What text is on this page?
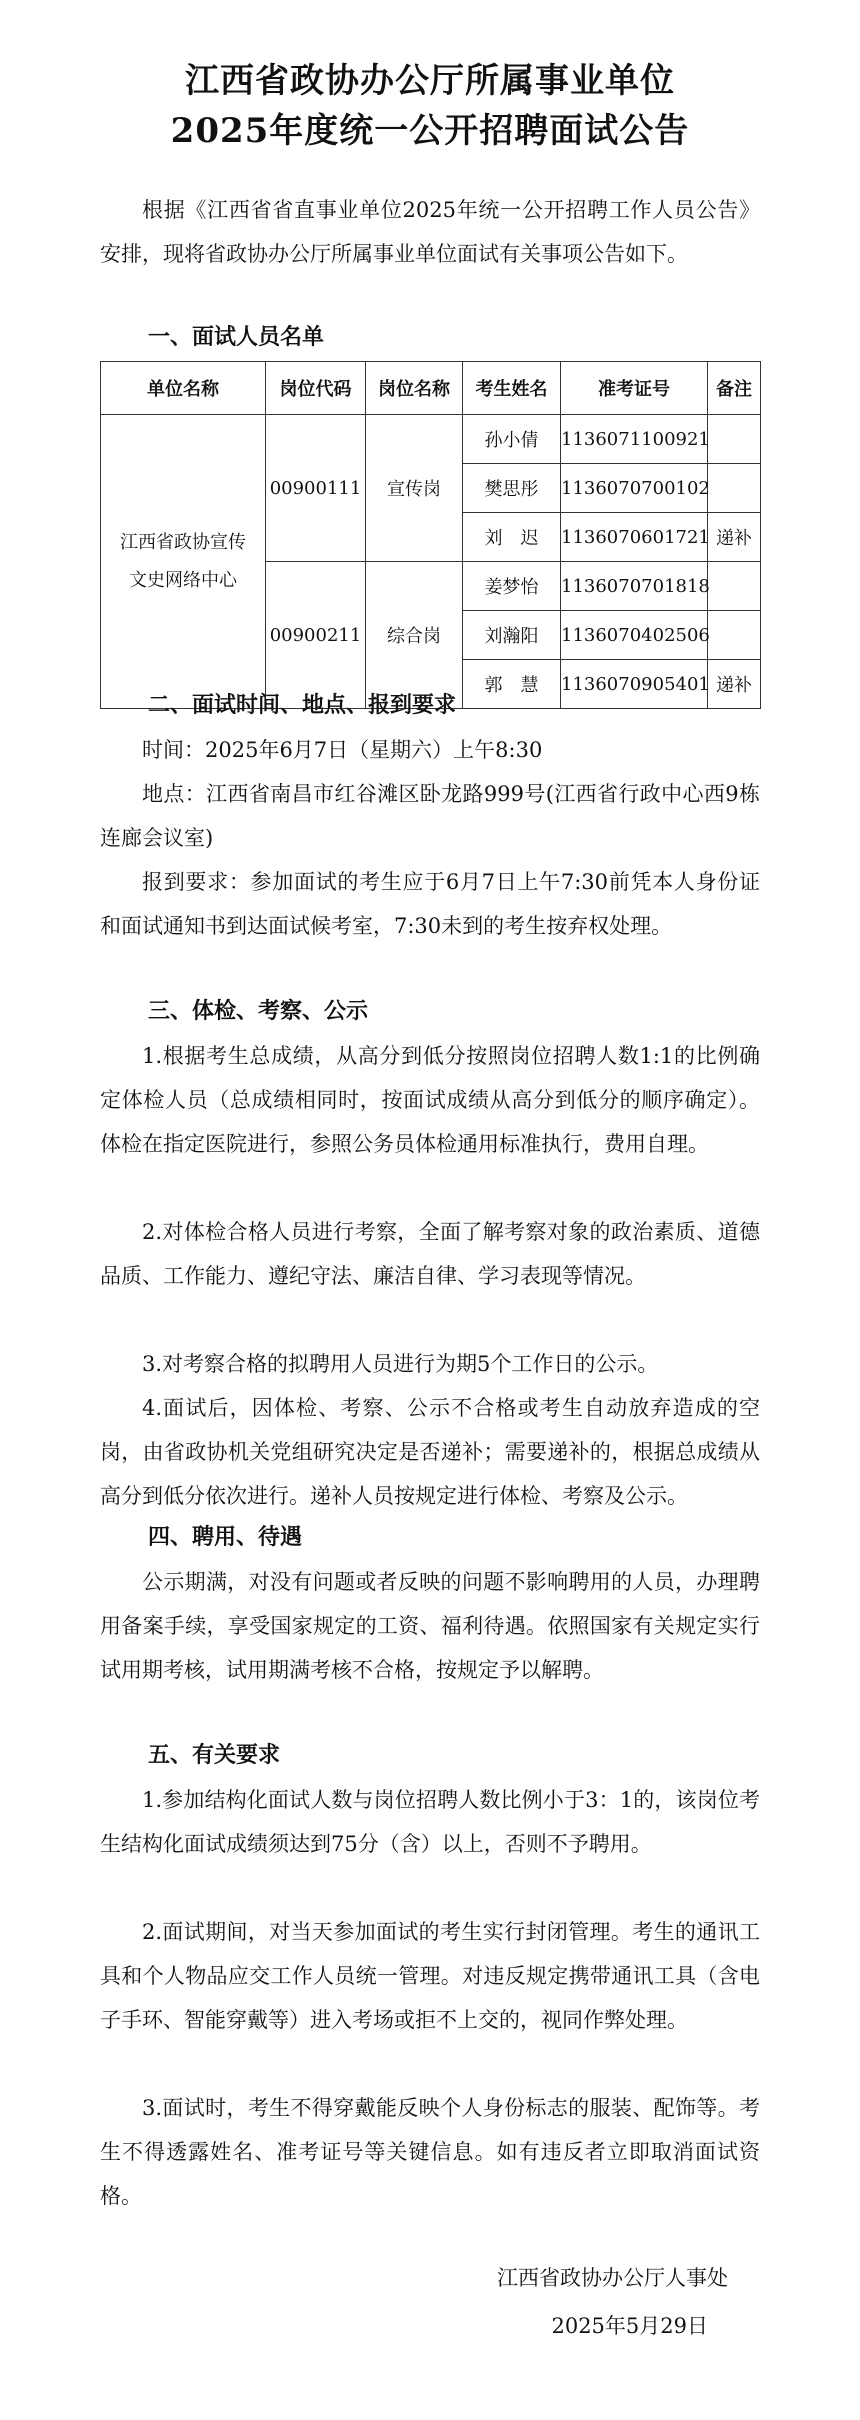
江西省政协办公厅所属事业单位
2025年度统一公开招聘面试公告
根据《江西省省直事业单位2025年统一公开招聘工作人员公告》安排，现将省政协办公厅所属事业单位面试有关事项公告如下。
一、面试人员名单
单位名称	岗位代码	岗位名称	考生姓名	准考证号	备注

江西省政协宣传
文史网络中心	00900111	宣传岗	孙小倩	1136071100921	
			樊思彤	1136070700102	
			刘　迟	1136070601721	递补
	00900211	综合岗	姜梦怡	1136070701818	
			刘瀚阳	1136070402506	
			郭　慧	1136070905401	递补
二、面试时间、地点、报到要求
时间：2025年6月7日（星期六）上午8:30
地点：江西省南昌市红谷滩区卧龙路999号(江西省行政中心西9栋连廊会议室)
报到要求：参加面试的考生应于6月7日上午7:30前凭本人身份证和面试通知书到达面试候考室，7:30未到的考生按弃权处理。
三、体检、考察、公示
1.根据考生总成绩，从高分到低分按照岗位招聘人数1:1的比例确定体检人员（总成绩相同时，按面试成绩从高分到低分的顺序确定）。体检在指定医院进行，参照公务员体检通用标准执行，费用自理。
2.对体检合格人员进行考察，全面了解考察对象的政治素质、道德品质、工作能力、遵纪守法、廉洁自律、学习表现等情况。
3.对考察合格的拟聘用人员进行为期5个工作日的公示。
4.面试后，因体检、考察、公示不合格或考生自动放弃造成的空岗，由省政协机关党组研究决定是否递补；需要递补的，根据总成绩从高分到低分依次进行。递补人员按规定进行体检、考察及公示。
四、聘用、待遇
公示期满，对没有问题或者反映的问题不影响聘用的人员，办理聘用备案手续，享受国家规定的工资、福利待遇。依照国家有关规定实行试用期考核，试用期满考核不合格，按规定予以解聘。
五、有关要求
1.参加结构化面试人数与岗位招聘人数比例小于3：1的，该岗位考生结构化面试成绩须达到75分（含）以上，否则不予聘用。
2.面试期间，对当天参加面试的考生实行封闭管理。考生的通讯工具和个人物品应交工作人员统一管理。对违反规定携带通讯工具（含电子手环、智能穿戴等）进入考场或拒不上交的，视同作弊处理。
3.面试时，考生不得穿戴能反映个人身份标志的服装、配饰等。考生不得透露姓名、准考证号等关键信息。如有违反者立即取消面试资格。
江西省政协办公厅人事处
2025年5月29日
